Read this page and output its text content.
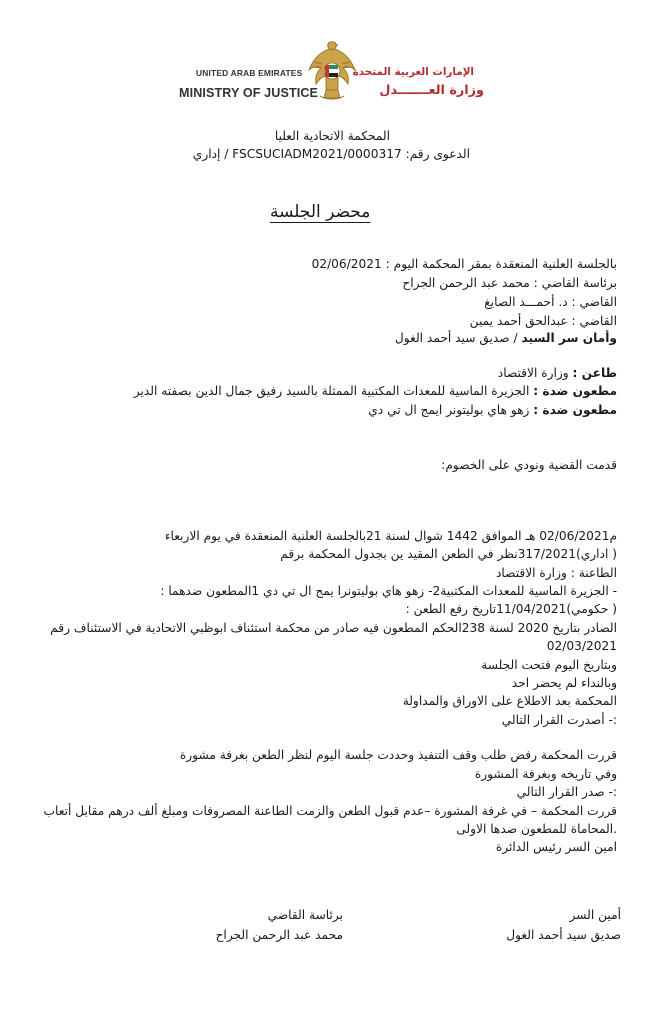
UNITED ARAB EMIRATES
MINISTRY OF JUSTICE
الإمارات العربية المتحدة
وزارة العـــــــدل
المحكمة الاتحادية العليا
الدعوى رقم: FSCSUCIADM2021/0000317 / إداري
محضر الجلسة
بالجلسة العلنية المنعقدة بمقر المحكمة اليوم : 02/06/2021
برئاسة القاضي : محمد عبد الرحمن الجراح
القاضي : د. أحمـــد الصايغ
القاضي : عبدالحق أحمد يمين
وأمان سر السيد / صديق سيد أحمد الغول
طاعن : وزارة الاقتصاد
مطعون ضدة : الجزيرة الماسية للمعدات المكتبية الممثلة بالسيد رفيق جمال الدين بصفته الدير
مطعون ضدة : زهو هاي بوليتونر ايمج ال تي دي
قدمت القضية ونودي على الخصوم:
م02/06/2021 هـ الموافق 1442 شوال لسنة 21بالجلسة العلنية المنعقدة في يوم الاربعاء
( اداري)317/2021نظر في الطعن المقيد ين بجدول المحكمة برقم
الطاعنة : وزارة الاقتصاد
- الجزيرة الماسية للمعدات المكتبية2- زهو هاي بوليتونرا يمج ال تي دي 1المطعون ضدهما :
( حكومي)11/04/2021تاريخ رفع الطعن :
الصادر بتاريخ 2020 لسنة 238الحكم المطعون فيه صادر من محكمة استئناف ابوظبي الاتحادية في الاستئناف رقم
02/03/2021
وبتاريخ اليوم فتحت الجلسة
وبالنداء لم يحضر احد
المحكمة بعد الاطلاع على الاوراق والمداولة
:- أصدرت القرار التالي
قررت المحكمة رفض طلب وقف التنفيذ وحددت جلسة اليوم لنظر الطعن بغرفة مشورة
وفي تاريخه وبغرفة المشورة
:- صدر القرار التالي
قررت المحكمة – في غرفة المشورة –عدم قبول الطعن والزمت الطاعنة المصروفات ومبلغ ألف درهم مقابل أتعاب
.المحاماة للمطعون ضدها الاولى
امين السر رئيس الدائرة
أمين السر
صديق سيد أحمد الغول
برئاسة القاضي
محمد عبد الرحمن الجراح
